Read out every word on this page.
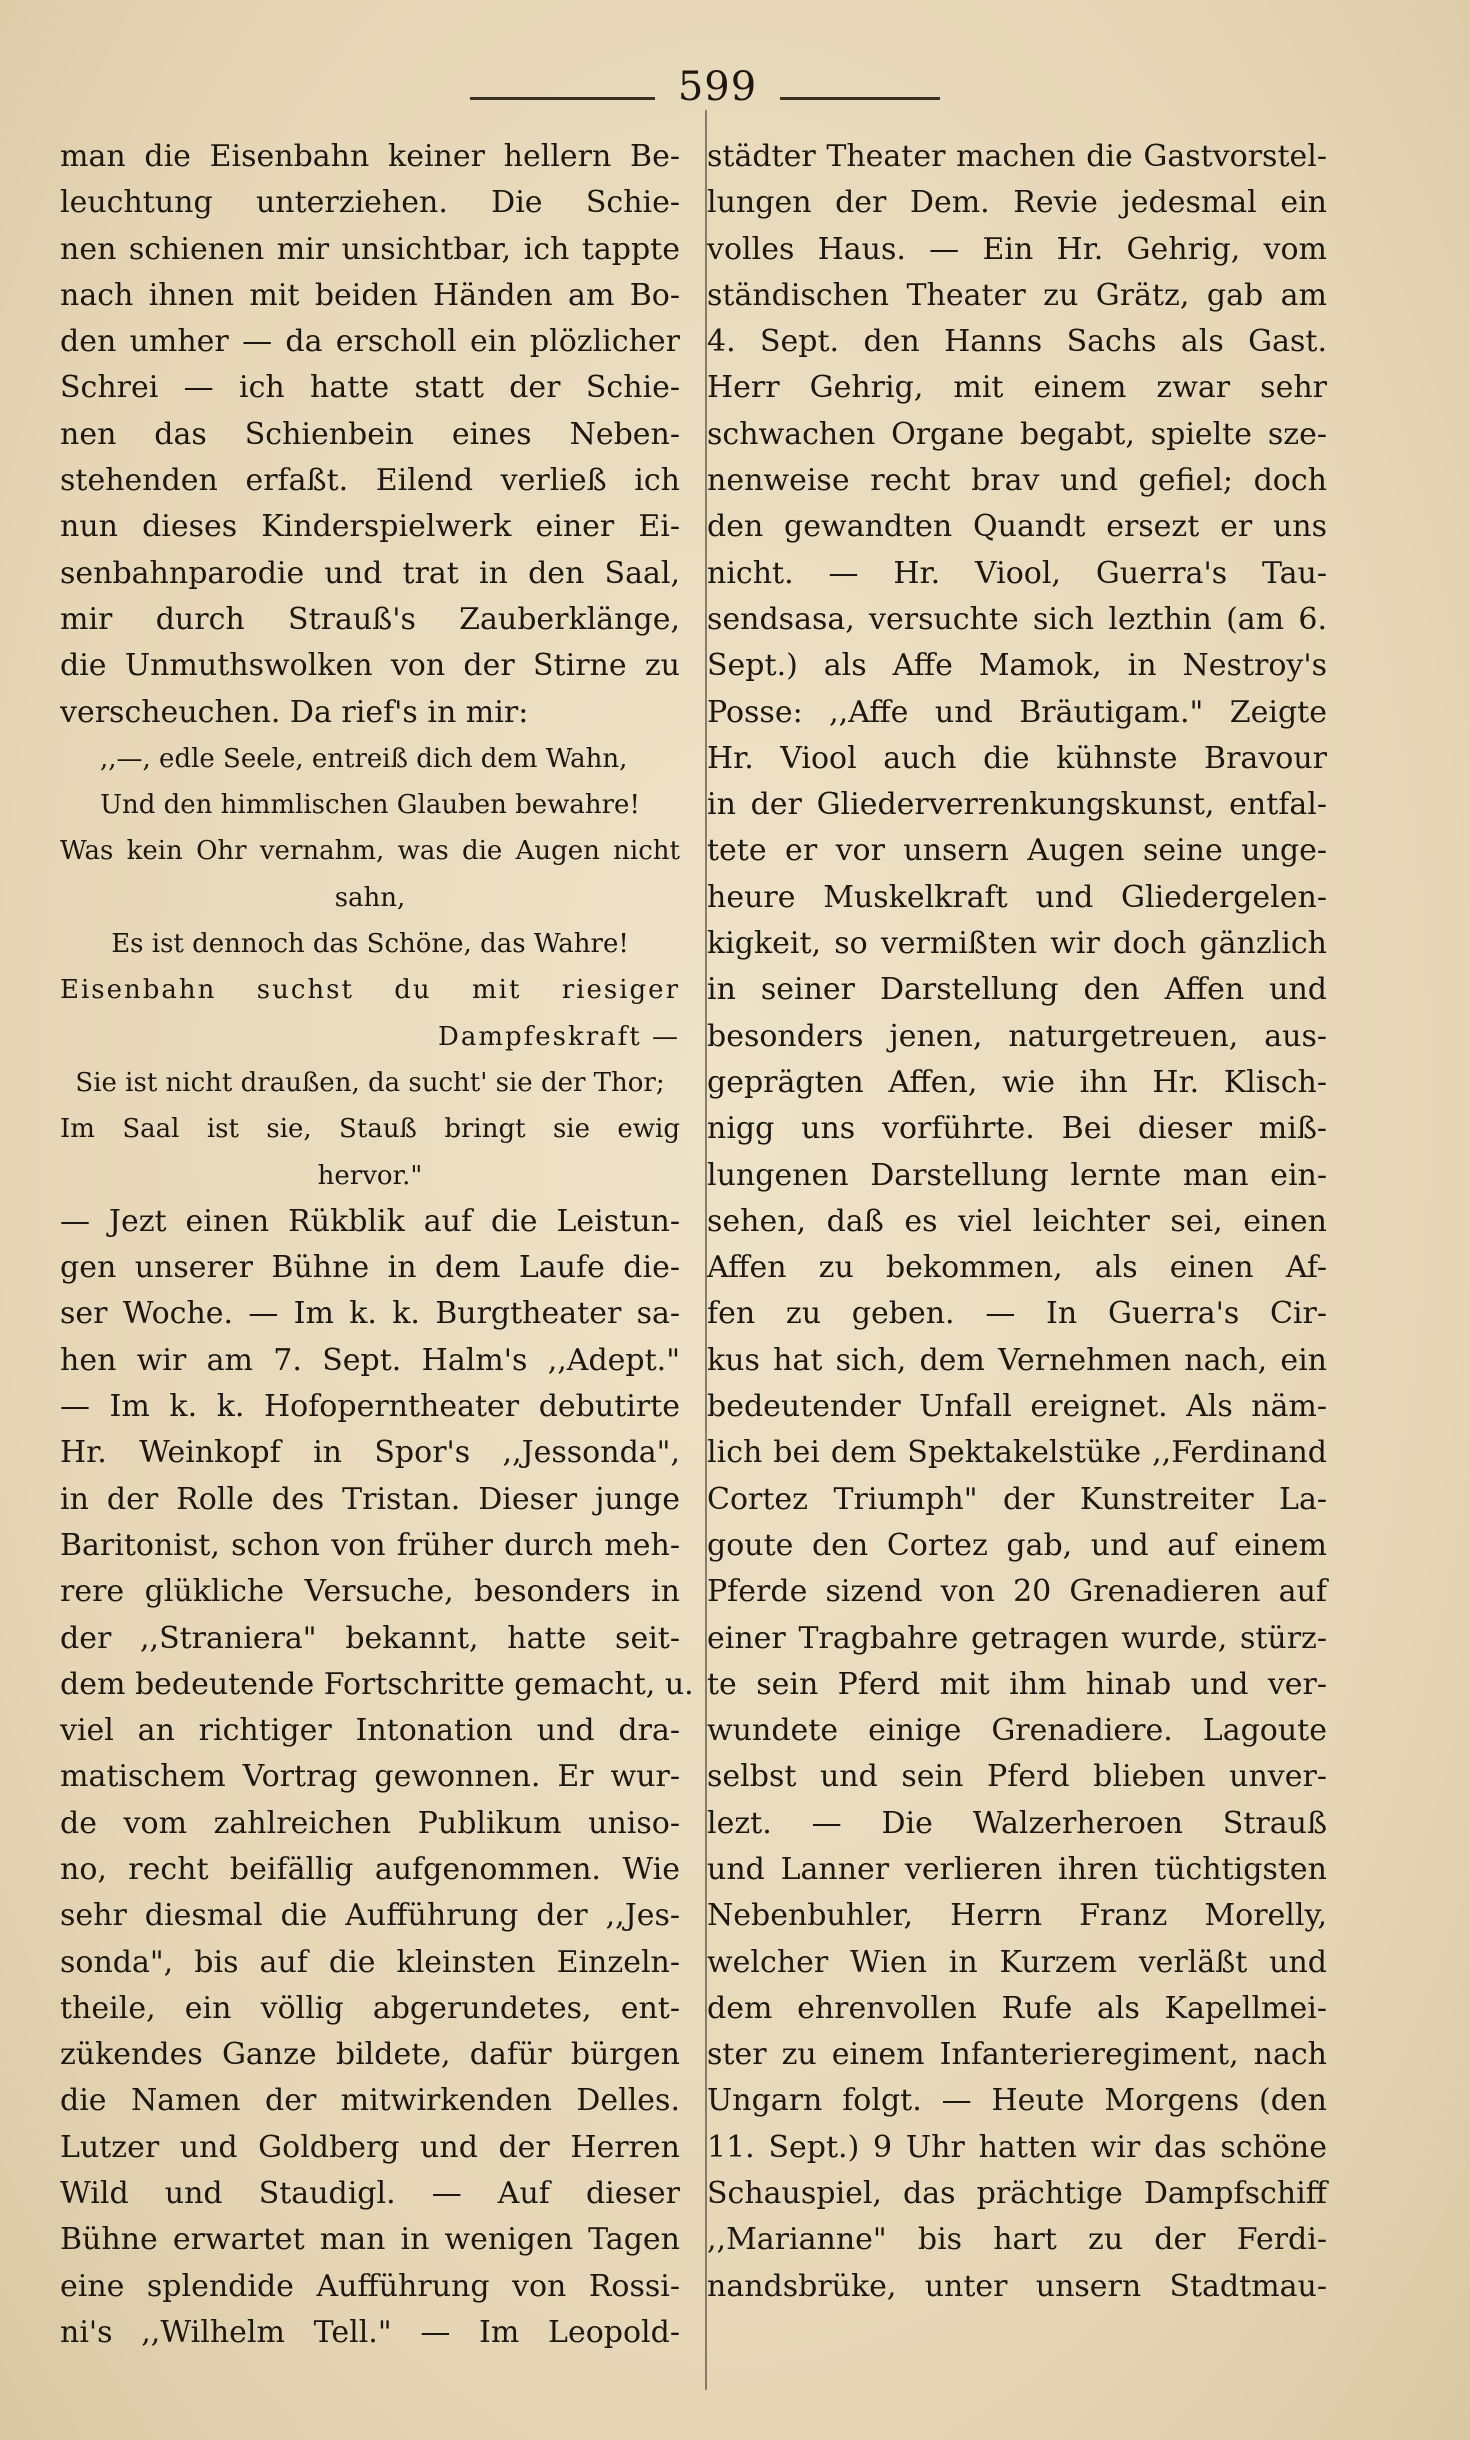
599
man die Eisenbahn keiner hellern Be-
leuchtung unterziehen. Die Schie-
nen schienen mir unsichtbar, ich tappte
nach ihnen mit beiden Händen am Bo-
den umher — da erscholl ein plözlicher
Schrei — ich hatte statt der Schie-
nen das Schienbein eines Neben-
stehenden erfaßt. Eilend verließ ich
nun dieses Kinderspielwerk einer Ei-
senbahnparodie und trat in den Saal,
mir durch Strauß's Zauberklänge,
die Unmuthswolken von der Stirne zu
verscheuchen. Da rief's in mir:
,,—, edle Seele, entreiß dich dem Wahn,
Und den himmlischen Glauben bewahre!
Was kein Ohr vernahm, was die Augen nicht
sahn,
Es ist dennoch das Schöne, das Wahre!
Eisenbahn suchst du mit riesiger
Dampfeskraft —
Sie ist nicht draußen, da sucht' sie der Thor;
Im Saal ist sie, Stauß bringt sie ewig
hervor."
— Jezt einen Rükblik auf die Leistun-
gen unserer Bühne in dem Laufe die-
ser Woche. — Im k. k. Burgtheater sa-
hen wir am 7. Sept. Halm's ,,Adept."
— Im k. k. Hofoperntheater debutirte
Hr. Weinkopf in Spor's ,,Jessonda",
in der Rolle des Tristan. Dieser junge
Baritonist, schon von früher durch meh-
rere glükliche Versuche, besonders in
der ,,Straniera" bekannt, hatte seit-
dem bedeutende Fortschritte gemacht, u.
viel an richtiger Intonation und dra-
matischem Vortrag gewonnen. Er wur-
de vom zahlreichen Publikum uniso-
no, recht beifällig aufgenommen. Wie
sehr diesmal die Aufführung der ,,Jes-
sonda", bis auf die kleinsten Einzeln-
theile, ein völlig abgerundetes, ent-
zükendes Ganze bildete, dafür bürgen
die Namen der mitwirkenden Delles.
Lutzer und Goldberg und der Herren
Wild und Staudigl. — Auf dieser
Bühne erwartet man in wenigen Tagen
eine splendide Aufführung von Rossi-
ni's ,,Wilhelm Tell." — Im Leopold-
städter Theater machen die Gastvorstel-
lungen der Dem. Revie jedesmal ein
volles Haus. — Ein Hr. Gehrig, vom
ständischen Theater zu Grätz, gab am
4. Sept. den Hanns Sachs als Gast.
Herr Gehrig, mit einem zwar sehr
schwachen Organe begabt, spielte sze-
nenweise recht brav und gefiel; doch
den gewandten Quandt ersezt er uns
nicht. — Hr. Viool, Guerra's Tau-
sendsasa, versuchte sich lezthin (am 6.
Sept.) als Affe Mamok, in Nestroy's
Posse: ,,Affe und Bräutigam." Zeigte
Hr. Viool auch die kühnste Bravour
in der Gliederverrenkungskunst, entfal-
tete er vor unsern Augen seine unge-
heure Muskelkraft und Gliedergelen-
kigkeit, so vermißten wir doch gänzlich
in seiner Darstellung den Affen und
besonders jenen, naturgetreuen, aus-
geprägten Affen, wie ihn Hr. Klisch-
nigg uns vorführte. Bei dieser miß-
lungenen Darstellung lernte man ein-
sehen, daß es viel leichter sei, einen
Affen zu bekommen, als einen Af-
fen zu geben. — In Guerra's Cir-
kus hat sich, dem Vernehmen nach, ein
bedeutender Unfall ereignet. Als näm-
lich bei dem Spektakelstüke ,,Ferdinand
Cortez Triumph" der Kunstreiter La-
goute den Cortez gab, und auf einem
Pferde sizend von 20 Grenadieren auf
einer Tragbahre getragen wurde, stürz-
te sein Pferd mit ihm hinab und ver-
wundete einige Grenadiere. Lagoute
selbst und sein Pferd blieben unver-
lezt. — Die Walzerheroen Strauß
und Lanner verlieren ihren tüchtigsten
Nebenbuhler, Herrn Franz Morelly,
welcher Wien in Kurzem verläßt und
dem ehrenvollen Rufe als Kapellmei-
ster zu einem Infanterieregiment, nach
Ungarn folgt. — Heute Morgens (den
11. Sept.) 9 Uhr hatten wir das schöne
Schauspiel, das prächtige Dampfschiff
,,Marianne" bis hart zu der Ferdi-
nandsbrüke, unter unsern Stadtmau-
